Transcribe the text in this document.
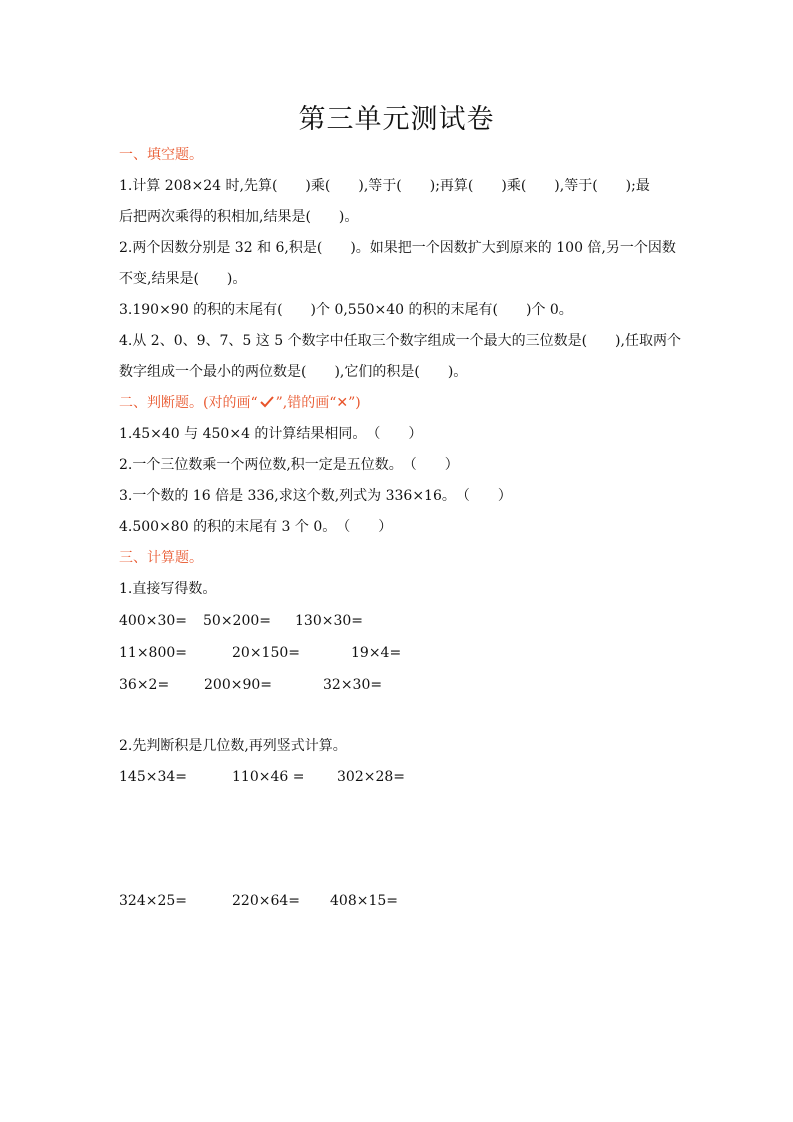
第三单元测试卷
一、填空题。
1.计算 208×24 时,先算(　　)乘(　　),等于(　　);再算(　　)乘(　　),等于(　　);最
后把两次乘得的积相加,结果是(　　)。
2.两个因数分别是 32 和 6,积是(　　)。如果把一个因数扩大到原来的 100 倍,另一个因数
不变,结果是(　　)。
3.190×90 的积的末尾有(　　)个 0,550×40 的积的末尾有(　　)个 0。
4.从 2、0、9、7、5 这 5 个数字中任取三个数字组成一个最大的三位数是(　　),任取两个
数字组成一个最小的两位数是(　　),它们的积是(　　)。
二、判断题。(对的画“ ”,错的画“✕”)
1.45×40 与 450×4 的计算结果相同。　（　　）
2.一个三位数乘一个两位数,积一定是五位数。　（　　）
3.一个数的 16 倍是 336,求这个数,列式为 336×16。　（　　）
4.500×80 的积的末尾有 3 个 0。　（　　）
三、计算题。
1.直接写得数。
400×30= 50×200= 130×30=
11×800=	20×150=	19×4=
36×2= 200×90=	32×30=
2.先判断积是几位数,再列竖式计算。
145×34=	110×46 = 302×28=
324×25=	220×64= 408×15=
